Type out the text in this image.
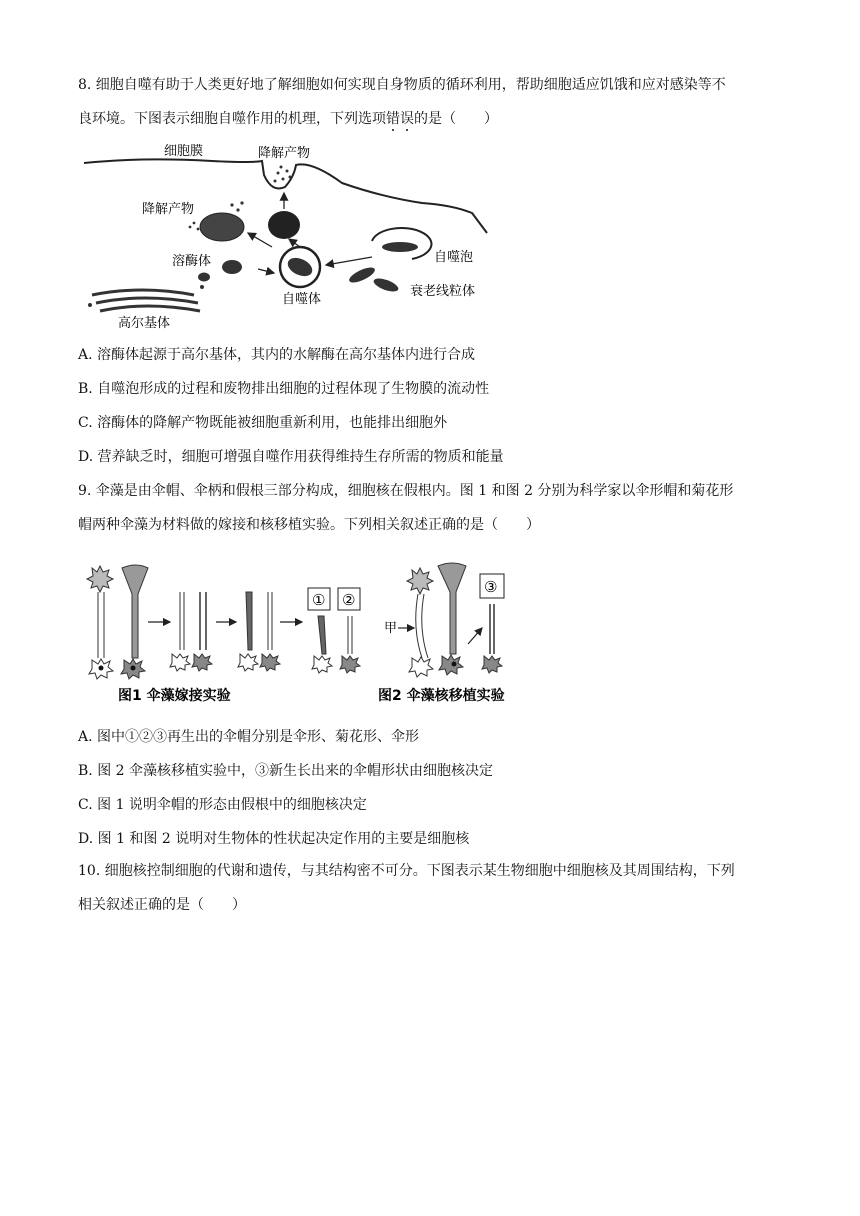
8. 细胞自噬有助于人类更好地了解细胞如何实现自身物质的循环利用，帮助细胞适应饥饿和应对感染等不
良环境。下图表示细胞自噬作用的机理，下列选项错误的是（　　）
细胞膜	降解产物
降解产物
溶酶体
自噬体
自噬泡
衰老线粒体
高尔基体
A. 溶酶体起源于高尔基体，其内的水解酶在高尔基体内进行合成
B. 自噬泡形成的过程和废物排出细胞的过程体现了生物膜的流动性
C. 溶酶体的降解产物既能被细胞重新利用，也能排出细胞外
D. 营养缺乏时，细胞可增强自噬作用获得维持生存所需的物质和能量
9. 伞藻是由伞帽、伞柄和假根三部分构成，细胞核在假根内。图 1 和图 2 分别为科学家以伞形帽和菊花形
帽两种伞藻为材料做的嫁接和核移植实验。下列相关叙述正确的是（　　）
① ②
甲
③
图1 伞藻嫁接实验	图2 伞藻核移植实验
A. 图中①②③再生出的伞帽分别是伞形、菊花形、伞形
B. 图 2 伞藻核移植实验中，③新生长出来的伞帽形状由细胞核决定
C. 图 1 说明伞帽的形态由假根中的细胞核决定
D. 图 1 和图 2 说明对生物体的性状起决定作用的主要是细胞核
10. 细胞核控制细胞的代谢和遗传，与其结构密不可分。下图表示某生物细胞中细胞核及其周围结构，下列
相关叙述正确的是（　　）
